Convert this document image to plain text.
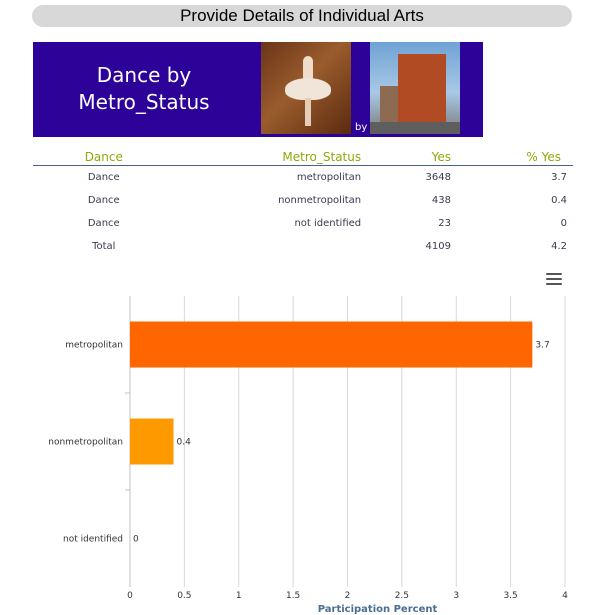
Provide Details of Individual Arts
Dance by
Metro_Status
by
Dance	Metro_Status	Yes	% Yes
Dance	metropolitan	3648	3.7
Dance	nonmetropolitan	438	0.4
Dance	not identified	23	0
Total		4109	4.2
metropolitan
nonmetropolitan
not identified
3.7
0.4
0
0	0.5	1	1.5	2	2.5	3	3.5	4
Participation Percent
